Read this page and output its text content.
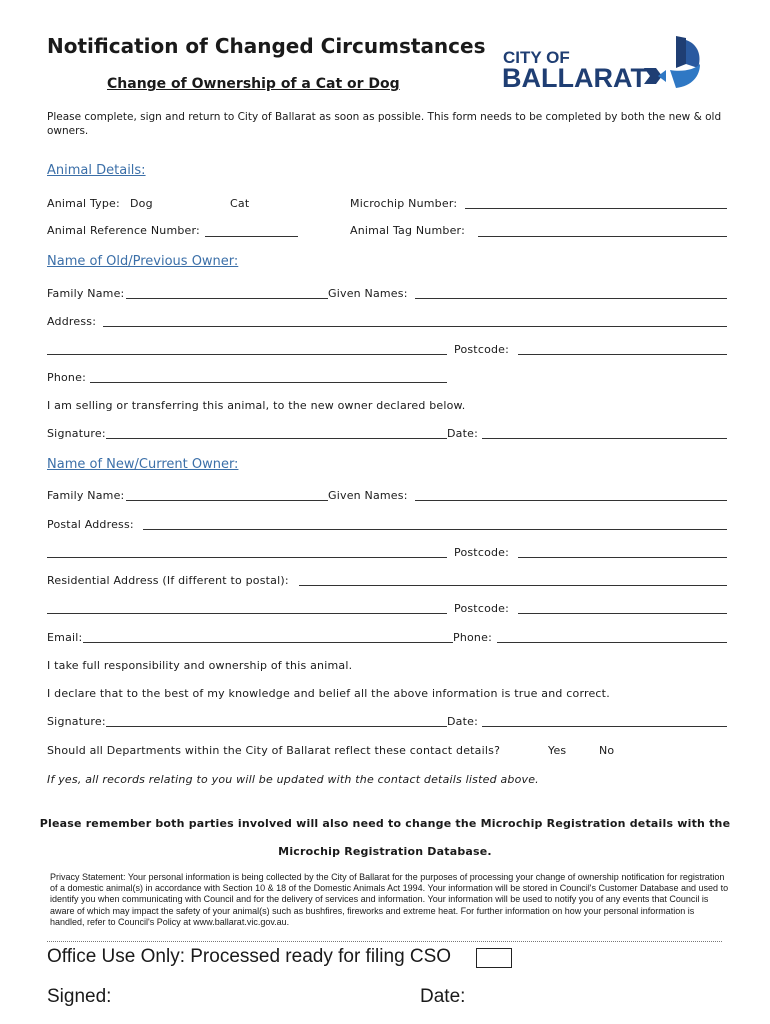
Notification of Changed Circumstances
Change of Ownership of a Cat or Dog
CITY OF
BALLARAT
Please complete, sign and return to City of Ballarat as soon as possible. This form needs to be completed by both the new & old owners.
Animal Details:
Animal Type: Dog	Cat	Microchip Number:
Animal Reference Number:	Animal Tag Number:
Name of Old/Previous Owner:
Family Name:	Given Names:
Address:
Postcode:
Phone:
I am selling or transferring this animal, to the new owner declared below.
Signature:	Date:
Name of New/Current Owner:
Family Name:	Given Names:
Postal Address:
Postcode:
Residential Address (If different to postal):
Postcode:
Email:	Phone:
I take full responsibility and ownership of this animal.
I declare that to the best of my knowledge and belief all the above information is true and correct.
Signature:	Date:
Should all Departments within the City of Ballarat reflect these contact details?	Yes	No
If yes, all records relating to you will be updated with the contact details listed above.
Please remember both parties involved will also need to change the Microchip Registration details with the
Microchip Registration Database.
Privacy Statement: Your personal information is being collected by the City of Ballarat for the purposes of processing your change of ownership notification for registration of a domestic animal(s) in accordance with Section 10 & 18 of the Domestic Animals Act 1994. Your information will be stored in Council's Customer Database and used to identify you when communicating with Council and for the delivery of services and information. Your information will be used to notify you of any events that Council is aware of which may impact the safety of your animal(s) such as bushfires, fireworks and extreme heat. For further information on how your personal information is handled, refer to Council's Policy at www.ballarat.vic.gov.au.
Office Use Only: Processed ready for filing CSO
Signed:	Date:
